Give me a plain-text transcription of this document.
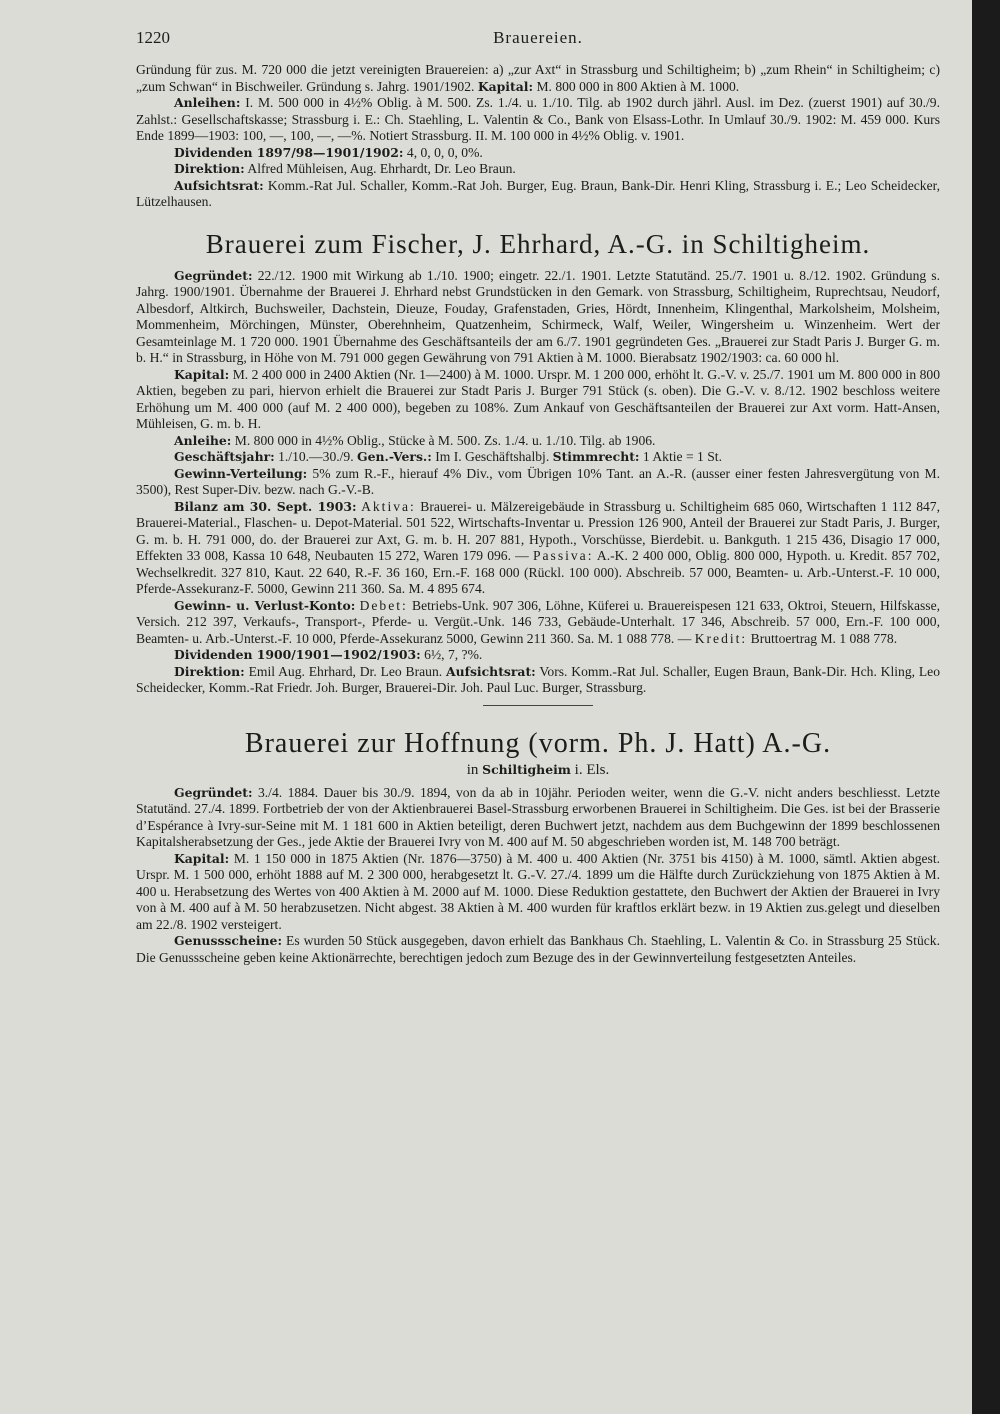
1220	Brauereien.

Gründung für zus. M. 720 000 die jetzt vereinigten Brauereien: a) „zur Axt“ in Strassburg und Schiltigheim; b) „zum Rhein“ in Schiltigheim; c) „zum Schwan“ in Bischweiler. Gründung s. Jahrg. 1901/1902. Kapital: M. 800 000 in 800 Aktien à M. 1000.

Anleihen: I. M. 500 000 in 4½% Oblig. à M. 500. Zs. 1./4. u. 1./10. Tilg. ab 1902 durch jährl. Ausl. im Dez. (zuerst 1901) auf 30./9. Zahlst.: Gesellschaftskasse; Strassburg i. E.: Ch. Staehling, L. Valentin & Co., Bank von Elsass-Lothr. In Umlauf 30./9. 1902: M. 459 000. Kurs Ende 1899—1903: 100, —, 100, —, —%. Notiert Strassburg. II. M. 100 000 in 4½% Oblig. v. 1901.

Dividenden 1897/98—1901/1902: 4, 0, 0, 0, 0%.

Direktion: Alfred Mühleisen, Aug. Ehrhardt, Dr. Leo Braun.

Aufsichtsrat: Komm.-Rat Jul. Schaller, Komm.-Rat Joh. Burger, Eug. Braun, Bank-Dir. Henri Kling, Strassburg i. E.; Leo Scheidecker, Lützelhausen.

Brauerei zum Fischer, J. Ehrhard, A.-G. in Schiltigheim.

Gegründet: 22./12. 1900 mit Wirkung ab 1./10. 1900; eingetr. 22./1. 1901. Letzte Statutänd. 25./7. 1901 u. 8./12. 1902. Gründung s. Jahrg. 1900/1901. Übernahme der Brauerei J. Ehrhard nebst Grundstücken in den Gemark. von Strassburg, Schiltigheim, Ruprechtsau, Neudorf, Albesdorf, Altkirch, Buchsweiler, Dachstein, Dieuze, Fouday, Grafenstaden, Gries, Hördt, Innenheim, Klingenthal, Markolsheim, Molsheim, Mommenheim, Mörchingen, Münster, Oberehnheim, Quatzenheim, Schirmeck, Walf, Weiler, Wingersheim u. Winzenheim. Wert der Gesamteinlage M. 1 720 000. 1901 Übernahme des Geschäftsanteils der am 6./7. 1901 gegründeten Ges. „Brauerei zur Stadt Paris J. Burger G. m. b. H.“ in Strassburg, in Höhe von M. 791 000 gegen Gewährung von 791 Aktien à M. 1000. Bierabsatz 1902/1903: ca. 60 000 hl.

Kapital: M. 2 400 000 in 2400 Aktien (Nr. 1—2400) à M. 1000. Urspr. M. 1 200 000, erhöht lt. G.-V. v. 25./7. 1901 um M. 800 000 in 800 Aktien, begeben zu pari, hiervon erhielt die Brauerei zur Stadt Paris J. Burger 791 Stück (s. oben). Die G.-V. v. 8./12. 1902 beschloss weitere Erhöhung um M. 400 000 (auf M. 2 400 000), begeben zu 108%. Zum Ankauf von Geschäftsanteilen der Brauerei zur Axt vorm. Hatt-Ansen, Mühleisen, G. m. b. H.

Anleihe: M. 800 000 in 4½% Oblig., Stücke à M. 500. Zs. 1./4. u. 1./10. Tilg. ab 1906.

Geschäftsjahr: 1./10.—30./9. Gen.-Vers.: Im I. Geschäftshalbj. Stimmrecht: 1 Aktie = 1 St.

Gewinn-Verteilung: 5% zum R.-F., hierauf 4% Div., vom Übrigen 10% Tant. an A.-R. (ausser einer festen Jahresvergütung von M. 3500), Rest Super-Div. bezw. nach G.-V.-B.

Bilanz am 30. Sept. 1903: Aktiva: Brauerei- u. Mälzereigebäude in Strassburg u. Schiltigheim 685 060, Wirtschaften 1 112 847, Brauerei-Material., Flaschen- u. Depot-Material. 501 522, Wirtschafts-Inventar u. Pression 126 900, Anteil der Brauerei zur Stadt Paris, J. Burger, G. m. b. H. 791 000, do. der Brauerei zur Axt, G. m. b. H. 207 881, Hypoth., Vorschüsse, Bierdebit. u. Bankguth. 1 215 436, Disagio 17 000, Effekten 33 008, Kassa 10 648, Neubauten 15 272, Waren 179 096. — Passiva: A.-K. 2 400 000, Oblig. 800 000, Hypoth. u. Kredit. 857 702, Wechselkredit. 327 810, Kaut. 22 640, R.-F. 36 160, Ern.-F. 168 000 (Rückl. 100 000). Abschreib. 57 000, Beamten- u. Arb.-Unterst.-F. 10 000, Pferde-Assekuranz-F. 5000, Gewinn 211 360. Sa. M. 4 895 674.

Gewinn- u. Verlust-Konto: Debet: Betriebs-Unk. 907 306, Löhne, Küferei u. Brauereispesen 121 633, Oktroi, Steuern, Hilfskasse, Versich. 212 397, Verkaufs-, Transport-, Pferde- u. Vergüt.-Unk. 146 733, Gebäude-Unterhalt. 17 346, Abschreib. 57 000, Ern.-F. 100 000, Beamten- u. Arb.-Unterst.-F. 10 000, Pferde-Assekuranz 5000, Gewinn 211 360. Sa. M. 1 088 778. — Kredit: Bruttoertrag M. 1 088 778.

Dividenden 1900/1901—1902/1903: 6½, 7, ?%.

Direktion: Emil Aug. Ehrhard, Dr. Leo Braun. Aufsichtsrat: Vors. Komm.-Rat Jul. Schaller, Eugen Braun, Bank-Dir. Hch. Kling, Leo Scheidecker, Komm.-Rat Friedr. Joh. Burger, Brauerei-Dir. Joh. Paul Luc. Burger, Strassburg.

Brauerei zur Hoffnung (vorm. Ph. J. Hatt) A.-G.
in Schiltigheim i. Els.

Gegründet: 3./4. 1884. Dauer bis 30./9. 1894, von da ab in 10jähr. Perioden weiter, wenn die G.-V. nicht anders beschliesst. Letzte Statutänd. 27./4. 1899. Fortbetrieb der von der Aktienbrauerei Basel-Strassburg erworbenen Brauerei in Schiltigheim. Die Ges. ist bei der Brasserie d’Espérance à Ivry-sur-Seine mit M. 1 181 600 in Aktien beteiligt, deren Buchwert jetzt, nachdem aus dem Buchgewinn der 1899 beschlossenen Kapitalsherabsetzung der Ges., jede Aktie der Brauerei Ivry von M. 400 auf M. 50 abgeschrieben worden ist, M. 148 700 beträgt.

Kapital: M. 1 150 000 in 1875 Aktien (Nr. 1876—3750) à M. 400 u. 400 Aktien (Nr. 3751 bis 4150) à M. 1000, sämtl. Aktien abgest. Urspr. M. 1 500 000, erhöht 1888 auf M. 2 300 000, herabgesetzt lt. G.-V. 27./4. 1899 um die Hälfte durch Zurückziehung von 1875 Aktien à M. 400 u. Herabsetzung des Wertes von 400 Aktien à M. 2000 auf M. 1000. Diese Reduktion gestattete, den Buchwert der Aktien der Brauerei in Ivry von à M. 400 auf à M. 50 herabzusetzen. Nicht abgest. 38 Aktien à M. 400 wurden für kraftlos erklärt bezw. in 19 Aktien zus.gelegt und dieselben am 22./8. 1902 versteigert.

Genussscheine: Es wurden 50 Stück ausgegeben, davon erhielt das Bankhaus Ch. Staehling, L. Valentin & Co. in Strassburg 25 Stück. Die Genussscheine geben keine Aktionärrechte, berechtigen jedoch zum Bezuge des in der Gewinnverteilung festgesetzten Anteiles.
